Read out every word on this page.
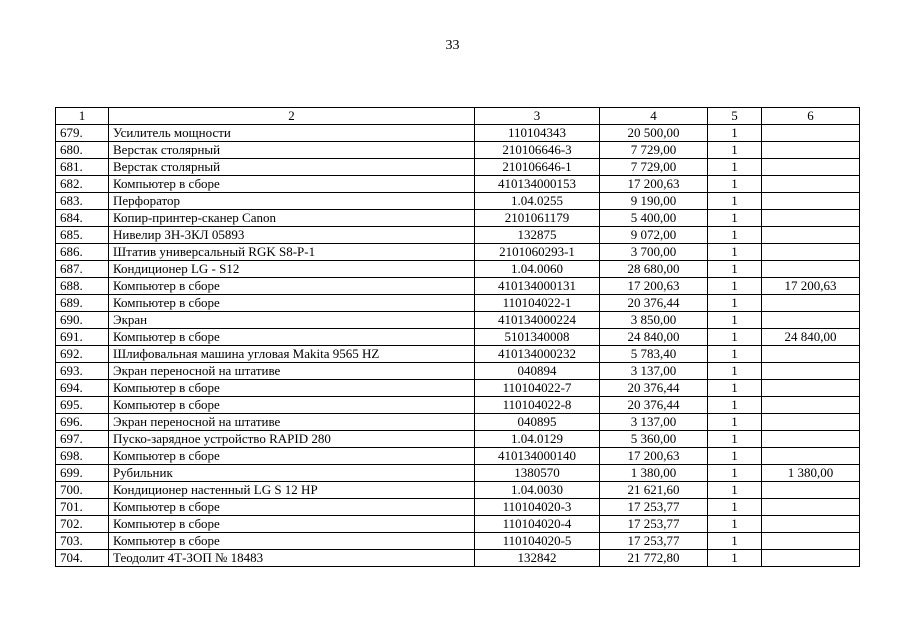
33
1	2	3	4	5	6
679.	Усилитель мощности	110104343	20 500,00	1	
680.	Верстак столярный	210106646-3	7 729,00	1	
681.	Верстак столярный	210106646-1	7 729,00	1	
682.	Компьютер в сборе	410134000153	17 200,63	1	
683.	Перфоратор	1.04.0255	9 190,00	1	
684.	Копир-принтер-сканер Canon	2101061179	5 400,00	1	
685.	Нивелир ЗН-3КЛ 05893	132875	9 072,00	1	
686.	Штатив универсальный RGK S8-P-1	2101060293-1	3 700,00	1	
687.	Кондиционер LG - S12	1.04.0060	28 680,00	1	
688.	Компьютер в сборе	410134000131	17 200,63	1	17 200,63
689.	Компьютер в сборе	110104022-1	20 376,44	1	
690.	Экран	410134000224	3 850,00	1	
691.	Компьютер в сборе	5101340008	24 840,00	1	24 840,00
692.	Шлифовальная машина угловая Makita 9565 HZ	410134000232	5 783,40	1	
693.	Экран переносной на штативе	040894	3 137,00	1	
694.	Компьютер в сборе	110104022-7	20 376,44	1	
695.	Компьютер в сборе	110104022-8	20 376,44	1	
696.	Экран переносной на штативе	040895	3 137,00	1	
697.	Пуско-зарядное устройство RAPID 280	1.04.0129	5 360,00	1	
698.	Компьютер в сборе	410134000140	17 200,63	1	
699.	Рубильник	1380570	1 380,00	1	1 380,00
700.	Кондиционер настенный LG S 12 HP	1.04.0030	21 621,60	1	
701.	Компьютер в сборе	110104020-3	17 253,77	1	
702.	Компьютер в сборе	110104020-4	17 253,77	1	
703.	Компьютер в сборе	110104020-5	17 253,77	1	
704.	Теодолит 4Т-ЗОП № 18483	132842	21 772,80	1	
